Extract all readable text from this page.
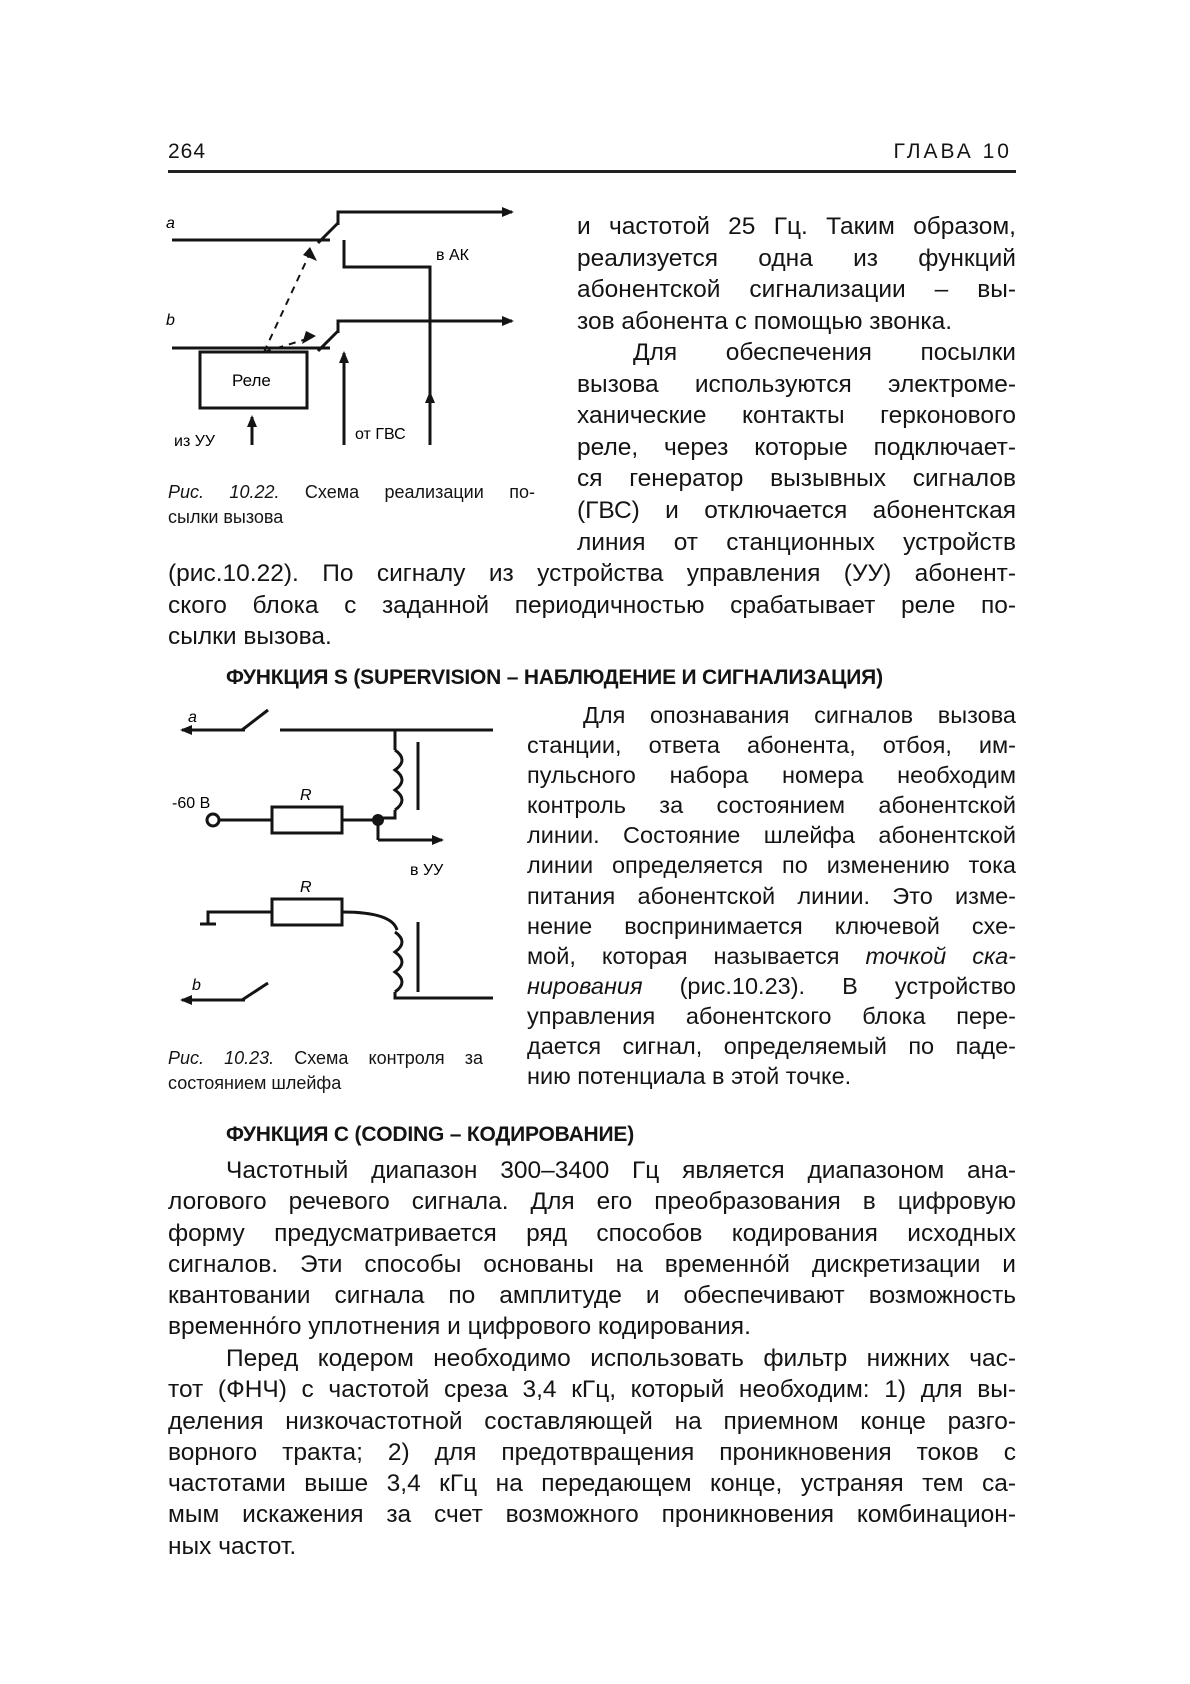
264	ГЛАВА 10
a
b
в АК
Реле
из УУ	от ГВС
Рис. 10.22. Схема реализации по-
сылки вызова
и частотой 25 Гц. Таким образом,
реализуется одна из функций
абонентской сигнализации – вы-
зов абонента с помощью звонка.
Для обеспечения посылки
вызова используются электроме-
ханические контакты герконового
реле, через которые подключает-
ся генератор вызывных сигналов
(ГВС) и отключается абонентская
линия от станционных устройств
(рис.10.22). По сигналу из устройства управления (УУ) абонент-
ского блока с заданной периодичностью срабатывает реле по-
сылки вызова.
ФУНКЦИЯ S (SUPERVISION – НАБЛЮДЕНИЕ И СИГНАЛИЗАЦИЯ)
a
-60 В	R
в УУ
R
b
Рис. 10.23. Схема контроля за
состоянием шлейфа
Для опознавания сигналов вызова
станции, ответа абонента, отбоя, им-
пульсного набора номера необходим
контроль за состоянием абонентской
линии. Состояние шлейфа абонентской
линии определяется по изменению тока
питания абонентской линии. Это изме-
нение воспринимается ключевой схе-
мой, которая называется точкой ска-
нирования (рис.10.23). В устройство
управления абонентского блока пере-
дается сигнал, определяемый по паде-
нию потенциала в этой точке.
ФУНКЦИЯ С (CODING – КОДИРОВАНИЕ)
Частотный диапазон 300–3400 Гц является диапазоном ана-
логового речевого сигнала. Для его преобразования в цифровую
форму предусматривается ряд способов кодирования исходных
сигналов. Эти способы основаны на временно́й дискретизации и
квантовании сигнала по амплитуде и обеспечивают возможность
временно́го уплотнения и цифрового кодирования.
Перед кодером необходимо использовать фильтр нижних час-
тот (ФНЧ) с частотой среза 3,4 кГц, который необходим: 1) для вы-
деления низкочастотной составляющей на приемном конце разго-
ворного тракта; 2) для предотвращения проникновения токов с
частотами выше 3,4 кГц на передающем конце, устраняя тем са-
мым искажения за счет возможного проникновения комбинацион-
ных частот.
